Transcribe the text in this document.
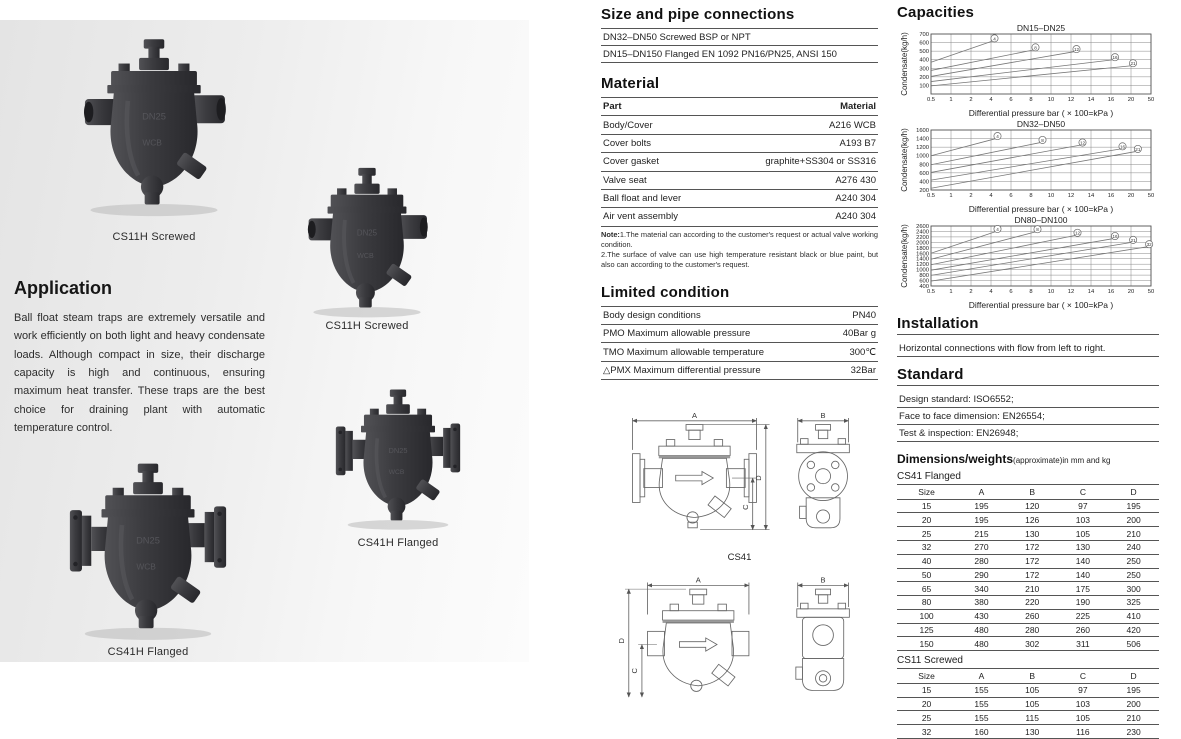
DN25
WCB
CS11H Screwed	DN25
WCB
CS11H Screwed
DN25
WCB
CS41H Flanged
DN25
WCB
CS41H Flanged
Application
Ball float steam traps are extremely versatile and work efficiently on both light and heavy condensate loads. Although compact in size, their discharge capacity is high and continuous, ensuring maximum heat transfer. These traps are the best choice for draining plant with automatic temperature control.
Size and pipe connections
DN32–DN50 Screwed BSP or NPT
DN15–DN150 Flanged EN 1092 PN16/PN25, ANSI 150
Material
Part	Material
Body/Cover	A216 WCB
Cover bolts	A193 B7
Cover gasket	graphite+SS304 or SS316
Valve seat	A276 430
Ball float and lever	A240 304
Air vent assembly	A240 304
Note:1.The material can according to the customer's request or actual valve working condition.
2.The surface of valve can use high temperature resistant black or blue paint, but also can according to the customer's request.
Limited condition
Body design conditions	PN40
PMO Maximum allowable pressure	40Bar g
TMO Maximum allowable temperature	300℃
△PMX Maximum differential pressure	32Bar
A	B
D
C
CS41
A	B
D
C
Capacities
DN15–DN25
Condensate(kg/h)
0.5 1	2	4	6	8	10 12 14 16 20 50
100
200
300
400
500
600
700
4
8	12
16
21
Differential pressure bar ( × 100=kPa )
DN32–DN50
Condensate(kg/h)
0.5 1	2	4	6	8	10 12 14 16 20 50
200
400
600
800
1000
1200
1400
1600
4
8
12
16
21
Differential pressure bar ( × 100=kPa )
DN80–DN100
Condensate(kg/h)
0.5 1	2	4	6	8	10 12 14 16 20 50
400
600
800
1000
1200
1400
1600
1800
2000
2200
2400
2600	4	8
12
16
21
32
Differential pressure bar ( × 100=kPa )
Installation
Horizontal connections with flow from left to right.
Standard
Design standard: ISO6552;
Face to face dimension: EN26554;
Test & inspection: EN26948;
Dimensions/weights(approximate)in mm and kg
CS41 Flanged
Size	A	B	C	D
15	195	120	97	195
20	195	126	103	200
25	215	130	105	210
32	270	172	130	240
40	280	172	140	250
50	290	172	140	250
65	340	210	175	300
80	380	220	190	325
100	430	260	225	410
125	480	280	260	420
150	480	302	311	506
CS11 Screwed
Size	A	B	C	D
15	155	105	97	195
20	155	105	103	200
25	155	115	105	210
32	160	130	116	230
